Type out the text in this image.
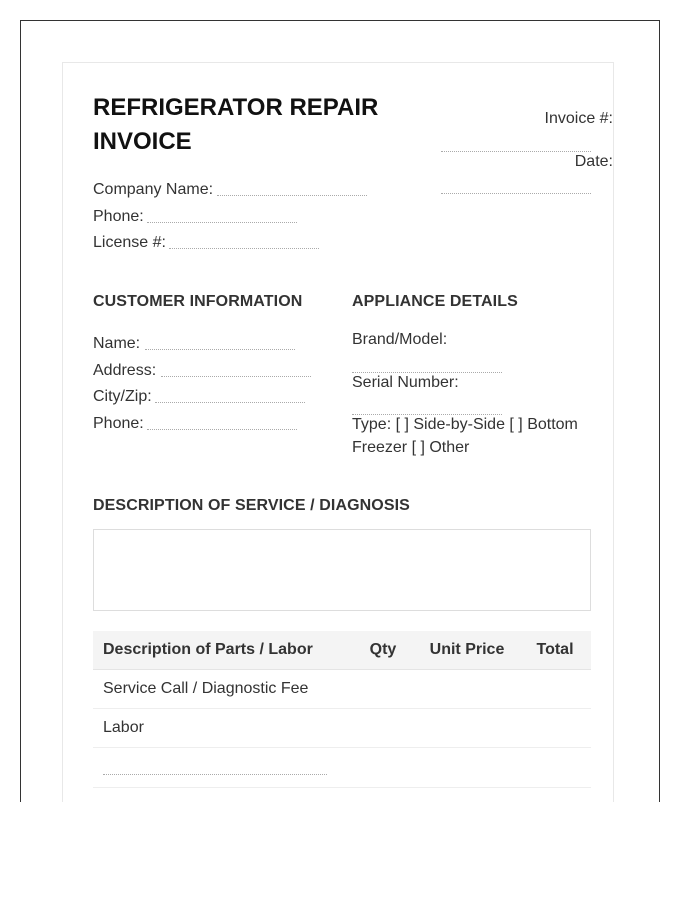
REFRIGERATOR REPAIR
INVOICE
Invoice #:
Date:
Company Name:
Phone:
License #:
CUSTOMER INFORMATION
Name:
Address:
City/Zip:
Phone:
APPLIANCE DETAILS
Brand/Model:
Serial Number:
Type: [ ] Side-by-Side [ ] Bottom
Freezer [ ] Other
DESCRIPTION OF SERVICE / DIAGNOSIS
Description of Parts / Labor	Qty	Unit Price	Total
Service Call / Diagnostic Fee			
Labor			
